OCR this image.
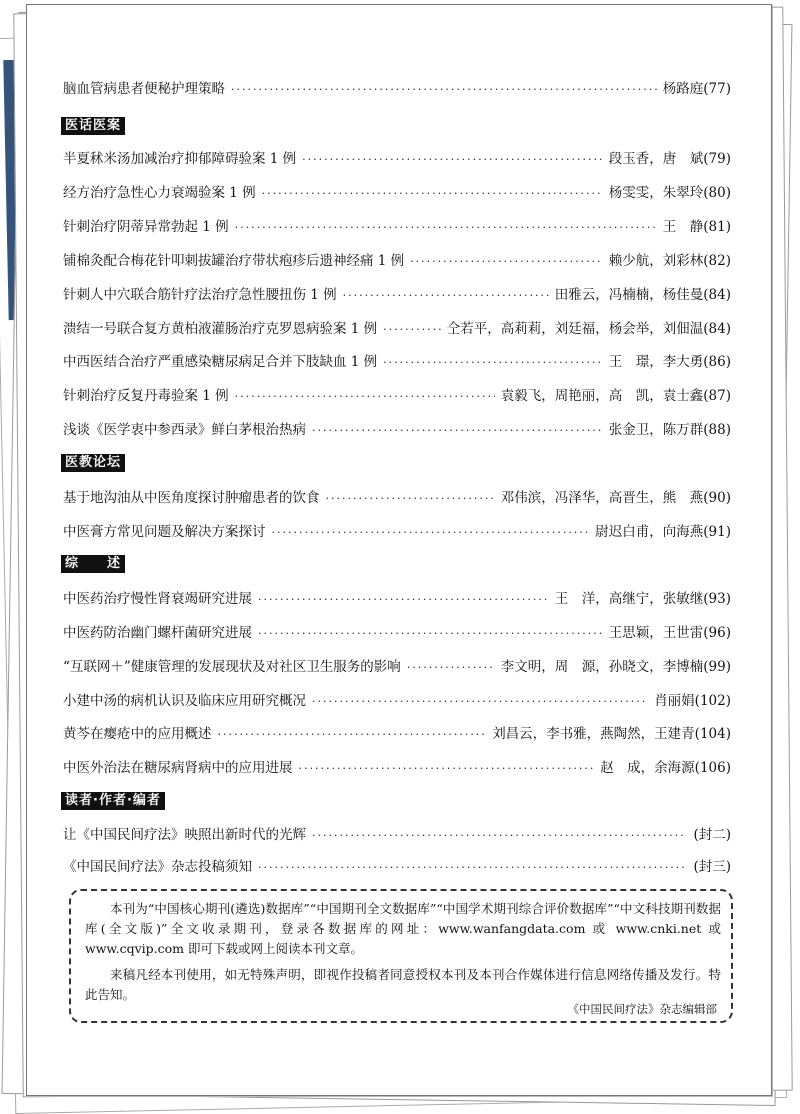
脑血管病患者便秘护理策略 ·····	杨路庭(77)
医话医案
半夏秫米汤加减治疗抑郁障碍验案 1 例 ·····	段玉香，唐　斌(79)
经方治疗急性心力衰竭验案 1 例 ·····	杨雯雯，朱翠玲(80)
针刺治疗阴蒂异常勃起 1 例 ·····	王　静(81)
铺棉灸配合梅花针叩刺拔罐治疗带状疱疹后遗神经痛 1 例 ·····	赖少航，刘彩林(82)
针刺人中穴联合筋针疗法治疗急性腰扭伤 1 例 ·····	田雅云，冯楠楠，杨佳曼(84)
溃结一号联合复方黄柏液灌肠治疗克罗恩病验案 1 例 ·····	仝若平，高莉莉，刘廷福，杨会举，刘佃温(84)
中西医结合治疗严重感染糖尿病足合并下肢缺血 1 例 ·····	王　璟，李大勇(86)
针刺治疗反复丹毒验案 1 例 ·····	袁毅飞，周艳丽，高　凯，袁士鑫(87)
浅谈《医学衷中参西录》鲜白茅根治热病 ·····	张金卫，陈万群(88)
医教论坛
基于地沟油从中医角度探讨肿瘤患者的饮食 ·····	邓伟滨，冯泽华，高晋生，熊　燕(90)
中医膏方常见问题及解决方案探讨 ·····	尉迟白甫，向海燕(91)
综　　述
中医药治疗慢性肾衰竭研究进展 ·····	王　洋，高继宁，张敏继(93)
中医药防治幽门螺杆菌研究进展 ·····	王思颖，王世雷(96)
“互联网＋”健康管理的发展现状及对社区卫生服务的影响 ·····	李文明，周　源，孙晓文，李博楠(99)
小建中汤的病机认识及临床应用研究概况 ·····	肖丽娟(102)
黄芩在瘿疮中的应用概述 ·····	刘昌云，李书雅，燕陶然，王建青(104)
中医外治法在糖尿病肾病中的应用进展 ·····	赵　成，余海源(106)
读者·作者·编者
让《中国民间疗法》映照出新时代的光辉 ·····	(封二)
《中国民间疗法》杂志投稿须知 ·····	(封三)

本刊为“中国核心期刊(遴选)数据库”“中国期刊全文数据库”“中国学术期刊综合评价数据库”“中文科技期刊数据库(全文版)”全文收录期刊，登录各数据库的网址：www.wanfangdata.com 或 www.cnki.net 或 www.cqvip.com 即可下载或网上阅读本刊文章。

来稿凡经本刊使用，如无特殊声明，即视作投稿者同意授权本刊及本刊合作媒体进行信息网络传播及发行。特此告知。

《中国民间疗法》杂志编辑部
